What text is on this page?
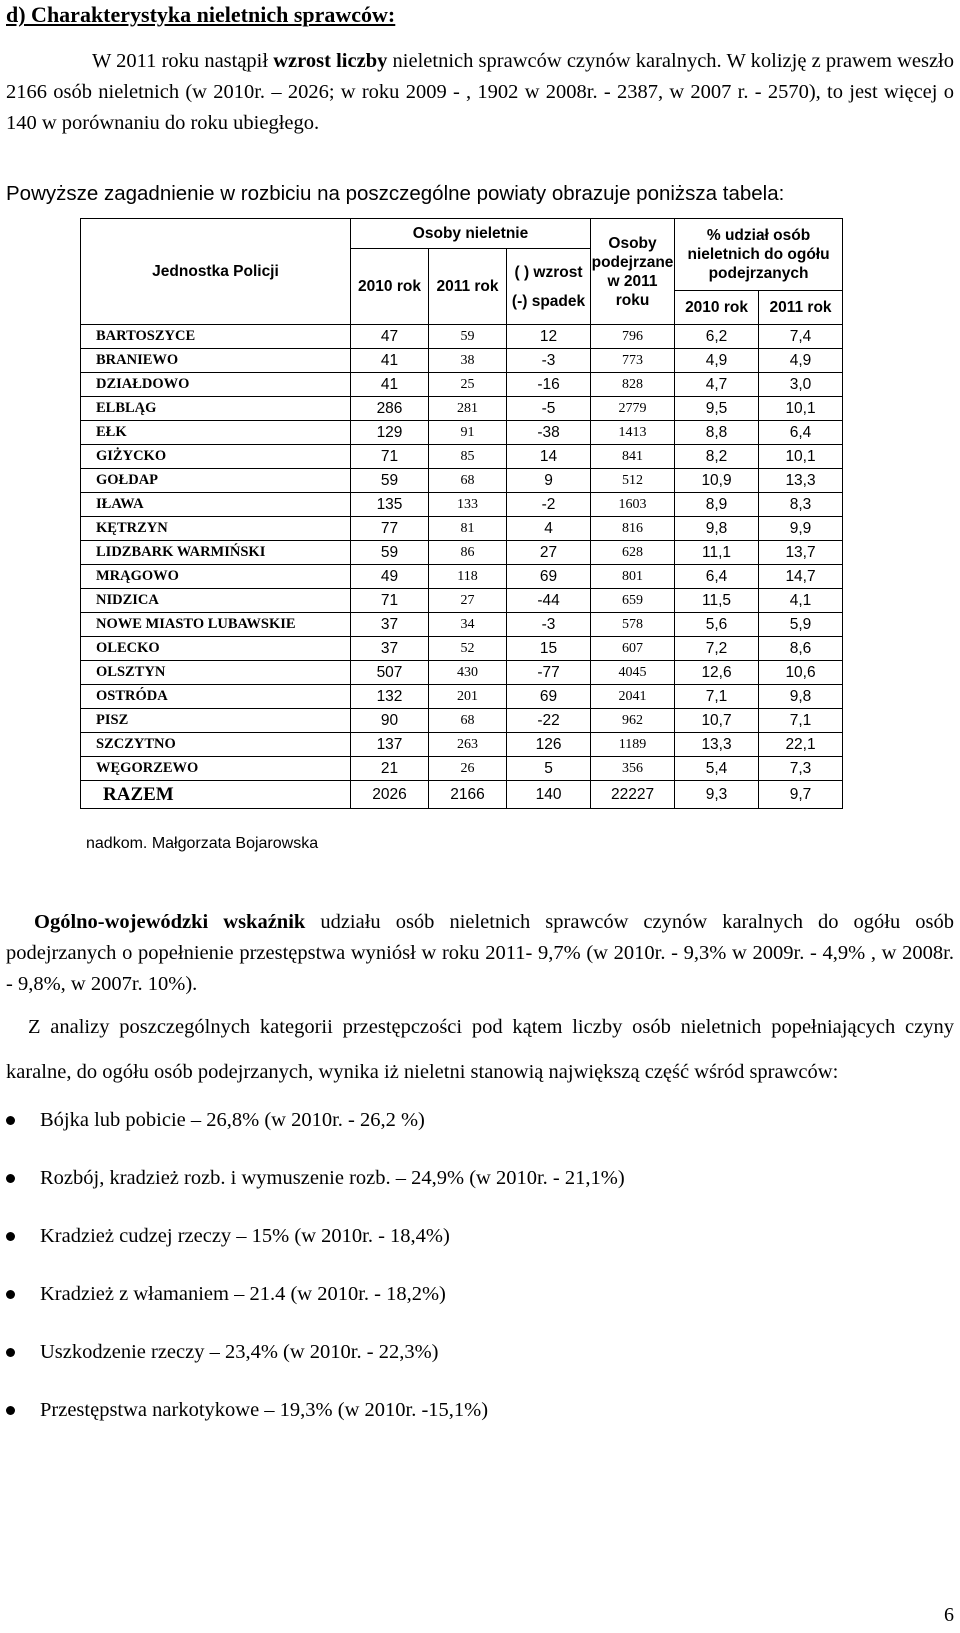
d) Charakterystyka nieletnich sprawców:
W 2011 roku nastąpił wzrost liczby nieletnich sprawców czynów karalnych. W kolizję z prawem weszło 2166 osób nieletnich (w 2010r. – 2026; w roku 2009 - , 1902 w 2008r. - 2387, w 2007 r. - 2570), to jest więcej o 140 w porównaniu do roku ubiegłego.
Powyższe zagadnienie w rozbiciu na poszczególne powiaty obrazuje poniższa tabela:
Jednostka Policji	Osoby nieletnie			Osoby podejrzane w 2011 roku	% udział osób nieletnich do ogółu podejrzanych	
	2010 rok	2011 rok	( ) wzrost
(-) spadek			

					2010 rok	2011 rok
BARTOSZYCE	47	59	12	796	6,2	7,4
BRANIEWO	41	38	-3	773	4,9	4,9
DZIAŁDOWO	41	25	-16	828	4,7	3,0
ELBLĄG	286	281	-5	2779	9,5	10,1
EŁK	129	91	-38	1413	8,8	6,4
GIŻYCKO	71	85	14	841	8,2	10,1
GOŁDAP	59	68	9	512	10,9	13,3
IŁAWA	135	133	-2	1603	8,9	8,3
KĘTRZYN	77	81	4	816	9,8	9,9
LIDZBARK WARMIŃSKI	59	86	27	628	11,1	13,7
MRĄGOWO	49	118	69	801	6,4	14,7
NIDZICA	71	27	-44	659	11,5	4,1
NOWE MIASTO LUBAWSKIE	37	34	-3	578	5,6	5,9
OLECKO	37	52	15	607	7,2	8,6
OLSZTYN	507	430	-77	4045	12,6	10,6
OSTRÓDA	132	201	69	2041	7,1	9,8
PISZ	90	68	-22	962	10,7	7,1
SZCZYTNO	137	263	126	1189	13,3	22,1
WĘGORZEWO	21	26	5	356	5,4	7,3
RAZEM	2026	2166	140	22227	9,3	9,7
nadkom. Małgorzata Bojarowska
Ogólno-wojewódzki wskaźnik udziału osób nieletnich sprawców czynów karalnych do ogółu osób podejrzanych o popełnienie przestępstwa wyniósł w roku 2011- 9,7% (w 2010r. - 9,3% w 2009r. - 4,9% , w 2008r. - 9,8%, w 2007r. 10%).
Z analizy poszczególnych kategorii przestępczości pod kątem liczby osób nieletnich popełniających czyny karalne, do ogółu osób podejrzanych, wynika iż nieletni stanowią największą część wśród sprawców:
Bójka lub pobicie – 26,8% (w 2010r. - 26,2 %)
Rozbój, kradzież rozb. i wymuszenie rozb. – 24,9% (w 2010r. - 21,1%)
Kradzież cudzej rzeczy – 15% (w 2010r. - 18,4%)
Kradzież z włamaniem – 21.4 (w 2010r. - 18,2%)
Uszkodzenie rzeczy – 23,4% (w 2010r. - 22,3%)
Przestępstwa narkotykowe – 19,3% (w 2010r. -15,1%)
6
